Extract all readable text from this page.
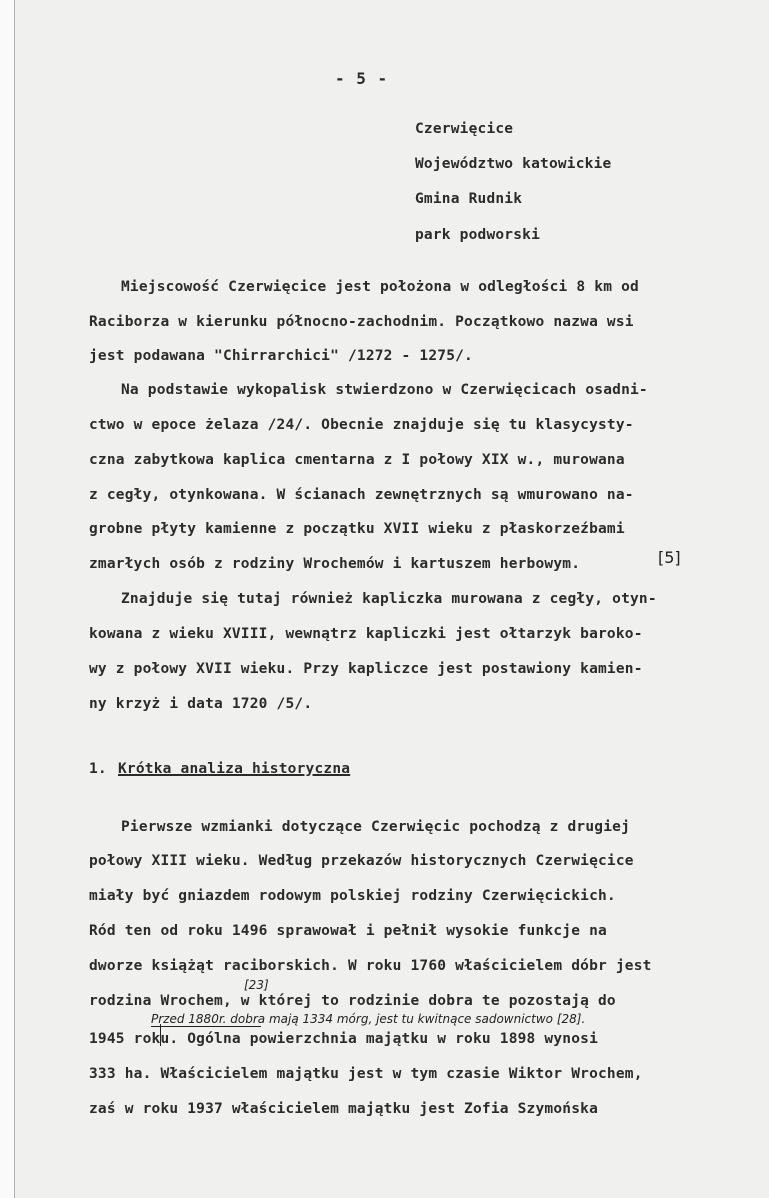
- 5 -
Czerwięcice
Województwo katowickie
Gmina Rudnik
park podworski
Miejscowość Czerwięcice jest położona w odległości 8 km od
Raciborza w kierunku północno-zachodnim. Początkowo nazwa wsi
jest podawana "Chirrarchici" /1272 - 1275/.
Na podstawie wykopalisk stwierdzono w Czerwięcicach osadni-
ctwo w epoce żelaza /24/. Obecnie znajduje się tu klasycysty-
czna zabytkowa kaplica cmentarna z I połowy XIX w., murowana
z cegły, otynkowana. W ścianach zewnętrznych są wmurowano na-
grobne płyty kamienne z początku XVII wieku z płaskorzeźbami
zmarłych osób z rodziny Wrochemów i kartuszem herbowym.	[5]
Znajduje się tutaj również kapliczka murowana z cegły, otyn-
kowana z wieku XVIII, wewnątrz kapliczki jest ołtarzyk baroko-
wy z połowy XVII wieku. Przy kapliczce jest postawiony kamien-
ny krzyż i data 1720 /5/.
1. Krótka analiza historyczna
Pierwsze wzmianki dotyczące Czerwięcic pochodzą z drugiej
połowy XIII wieku. Według przekazów historycznych Czerwięcice
miały być gniazdem rodowym polskiej rodziny Czerwięcickich.
Ród ten od roku 1496 sprawował i pełnił wysokie funkcje na
dworze książąt raciborskich. W roku 1760 właścicielem dóbr jest
rodzina Wrochem, w której to rodzinie dobra te pozostają do
[23]
Przed 1880r. dobra mają 1334 mórg, jest tu kwitnące sadownictwo [28].
1945 roku. Ogólna powierzchnia majątku w roku 1898 wynosi
333 ha. Właścicielem majątku jest w tym czasie Wiktor Wrochem,
zaś w roku 1937 właścicielem majątku jest Zofia Szymońska
